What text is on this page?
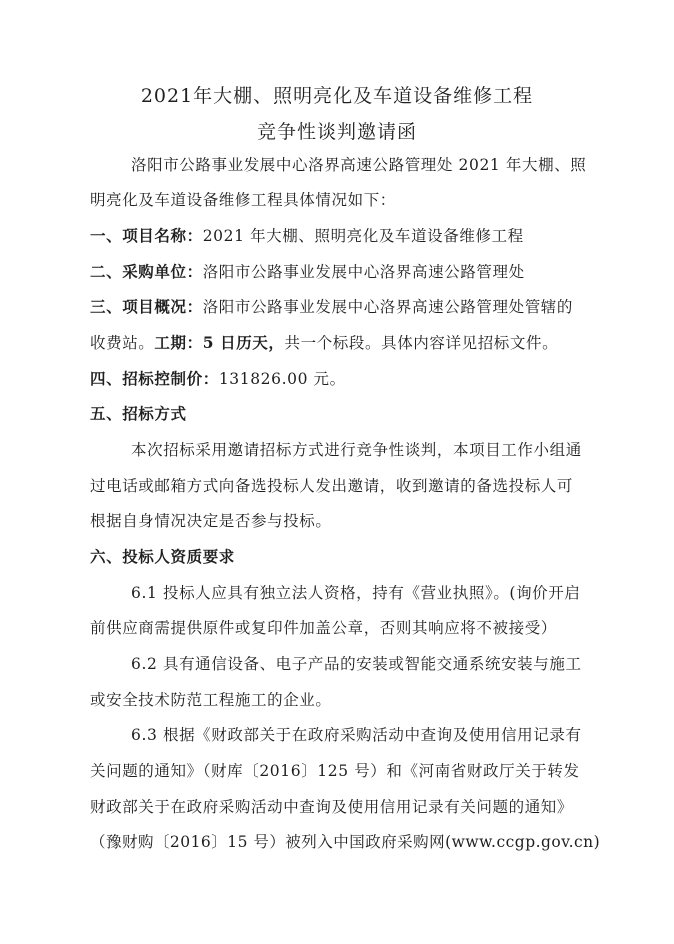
2021年大棚、照明亮化及车道设备维修工程
竞争性谈判邀请函
洛阳市公路事业发展中心洛界高速公路管理处 2021 年大棚、照
明亮化及车道设备维修工程具体情况如下：
一、项目名称：2021 年大棚、照明亮化及车道设备维修工程
二、采购单位：洛阳市公路事业发展中心洛界高速公路管理处
三、项目概况：洛阳市公路事业发展中心洛界高速公路管理处管辖的
收费站。工期：5 日历天，共一个标段。具体内容详见招标文件。
四、招标控制价：131826.00 元。
五、招标方式
本次招标采用邀请招标方式进行竞争性谈判，本项目工作小组通
过电话或邮箱方式向备选投标人发出邀请，收到邀请的备选投标人可
根据自身情况决定是否参与投标。
六、投标人资质要求
6.1 投标人应具有独立法人资格，持有《营业执照》。(询价开启
前供应商需提供原件或复印件加盖公章，否则其响应将不被接受）
6.2 具有通信设备、电子产品的安装或智能交通系统安装与施工
或安全技术防范工程施工的企业。
6.3 根据《财政部关于在政府采购活动中查询及使用信用记录有
关问题的通知》（财库〔2016〕125 号）和《河南省财政厅关于转发
财政部关于在政府采购活动中查询及使用信用记录有关问题的通知》
（豫财购〔2016〕15 号）被列入中国政府采购网(www.ccgp.gov.cn)
